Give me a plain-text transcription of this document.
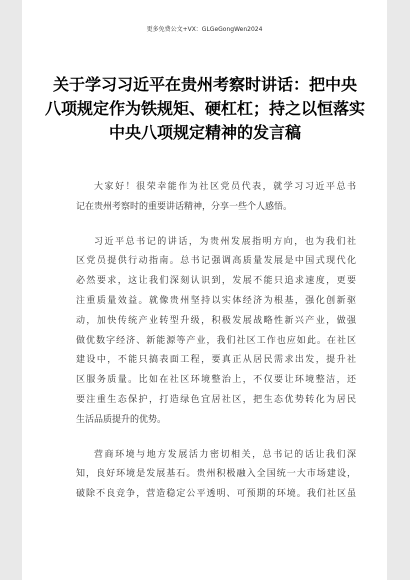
更多免费公文+VX：GLGeGongWen2024
关于学习习近平在贵州考察时讲话：把中央
八项规定作为铁规矩、硬杠杠；持之以恒落实
中央八项规定精神的发言稿
大家好！很荣幸能作为社区党员代表，就学习习近平总书
记在贵州考察时的重要讲话精神，分享一些个人感悟。
习近平总书记的讲话，为贵州发展指明方向，也为我们社
区党员提供行动指南。总书记强调高质量发展是中国式现代化
必然要求，这让我们深刻认识到，发展不能只追求速度，更要
注重质量效益。就像贵州坚持以实体经济为根基，强化创新驱
动，加快传统产业转型升级，积极发展战略性新兴产业，做强
做优数字经济、新能源等产业，我们社区工作也应如此。在社区
建设中，不能只搞表面工程，要真正从居民需求出发，提升社
区服务质量。比如在社区环境整治上，不仅要让环境整洁，还
要注重生态保护，打造绿色宜居社区，把生态优势转化为居民
生活品质提升的优势。
营商环境与地方发展活力密切相关，总书记的话让我们深
知，良好环境是发展基石。贵州积极融入全国统一大市场建设，
破除不良竞争，营造稳定公平透明、可预期的环境。我们社区虽
